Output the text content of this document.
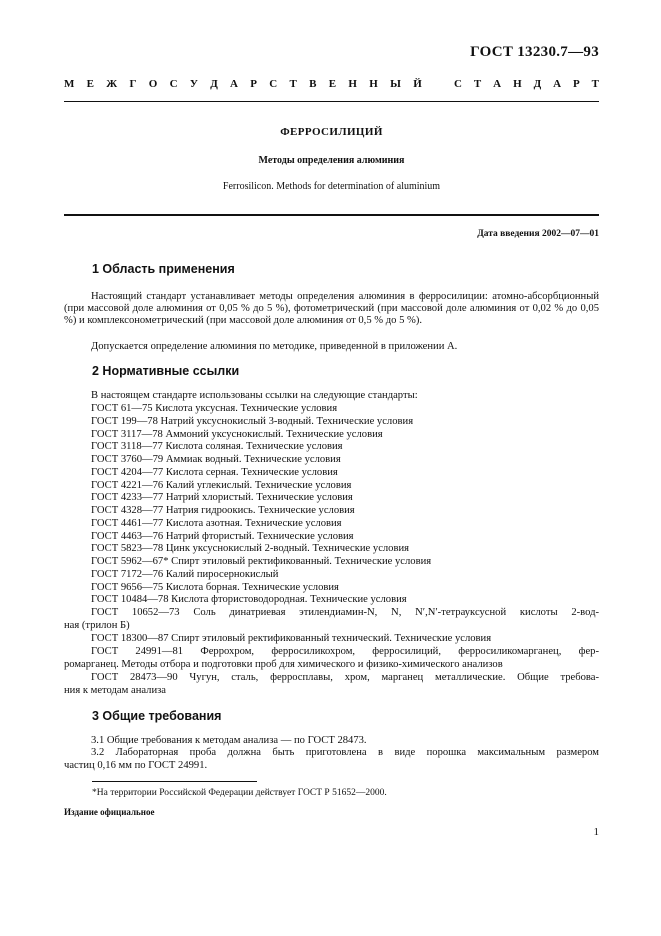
ГОСТ 13230.7—93
М Е Ж Г О С У Д А Р С Т В Е Н Н Ы Й	С Т А Н Д А Р Т
ФЕРРОСИЛИЦИЙ
Методы определения алюминия
Ferrosilicon. Methods for determination of aluminium
Дата введения 2002—07—01
1 Область применения
Настоящий стандарт устанавливает методы определения алюминия в ферросилиции: атомно-абсорбционный (при массовой доле алюминия от 0,05 % до 5 %), фотометрический (при массовой доле алюминия от 0,02 % до 0,05 %) и комплексонометрический (при массовой доле алюминия от 0,5 % до 5 %).
Допускается определение алюминия по методике, приведенной в приложении А.
2 Нормативные ссылки
В настоящем стандарте использованы ссылки на следующие стандарты:
ГОСТ 61—75 Кислота уксусная. Технические условия
ГОСТ 199—78 Натрий уксуснокислый 3-водный. Технические условия
ГОСТ 3117—78 Аммоний уксуснокислый. Технические условия
ГОСТ 3118—77 Кислота соляная. Технические условия
ГОСТ 3760—79 Аммиак водный. Технические условия
ГОСТ 4204—77 Кислота серная. Технические условия
ГОСТ 4221—76 Калий углекислый. Технические условия
ГОСТ 4233—77 Натрий хлористый. Технические условия
ГОСТ 4328—77 Натрия гидроокись. Технические условия
ГОСТ 4461—77 Кислота азотная. Технические условия
ГОСТ 4463—76 Натрий фтористый. Технические условия
ГОСТ 5823—78 Цинк уксуснокислый 2-водный. Технические условия
ГОСТ 5962—67* Спирт этиловый ректификованный. Технические условия
ГОСТ 7172—76 Калий пиросернокислый
ГОСТ 9656—75 Кислота борная. Технические условия
ГОСТ 10484—78 Кислота фтористоводородная. Технические условия
ГОСТ 10652—73 Соль динатриевая этилендиамин-N, N, N′,N′-тетрауксусной кислоты 2-вод-
ная (трилон Б)
ГОСТ 18300—87 Спирт этиловый ректификованный технический. Технические условия
ГОСТ 24991—81 Феррохром, ферросиликохром, ферросилиций, ферросиликомарганец, фер-
ромарганец. Методы отбора и подготовки проб для химического и физико-химического анализов
ГОСТ 28473—90 Чугун, сталь, ферросплавы, хром, марганец металлические. Общие требова-
ния к методам анализа
3 Общие требования
3.1 Общие требования к методам анализа — по ГОСТ 28473.
3.2 Лабораторная проба должна быть приготовлена в виде порошка максимальным размером
частиц 0,16 мм по ГОСТ 24991.
*На территории Российской Федерации действует ГОСТ Р 51652—2000.
Издание официальное
1
